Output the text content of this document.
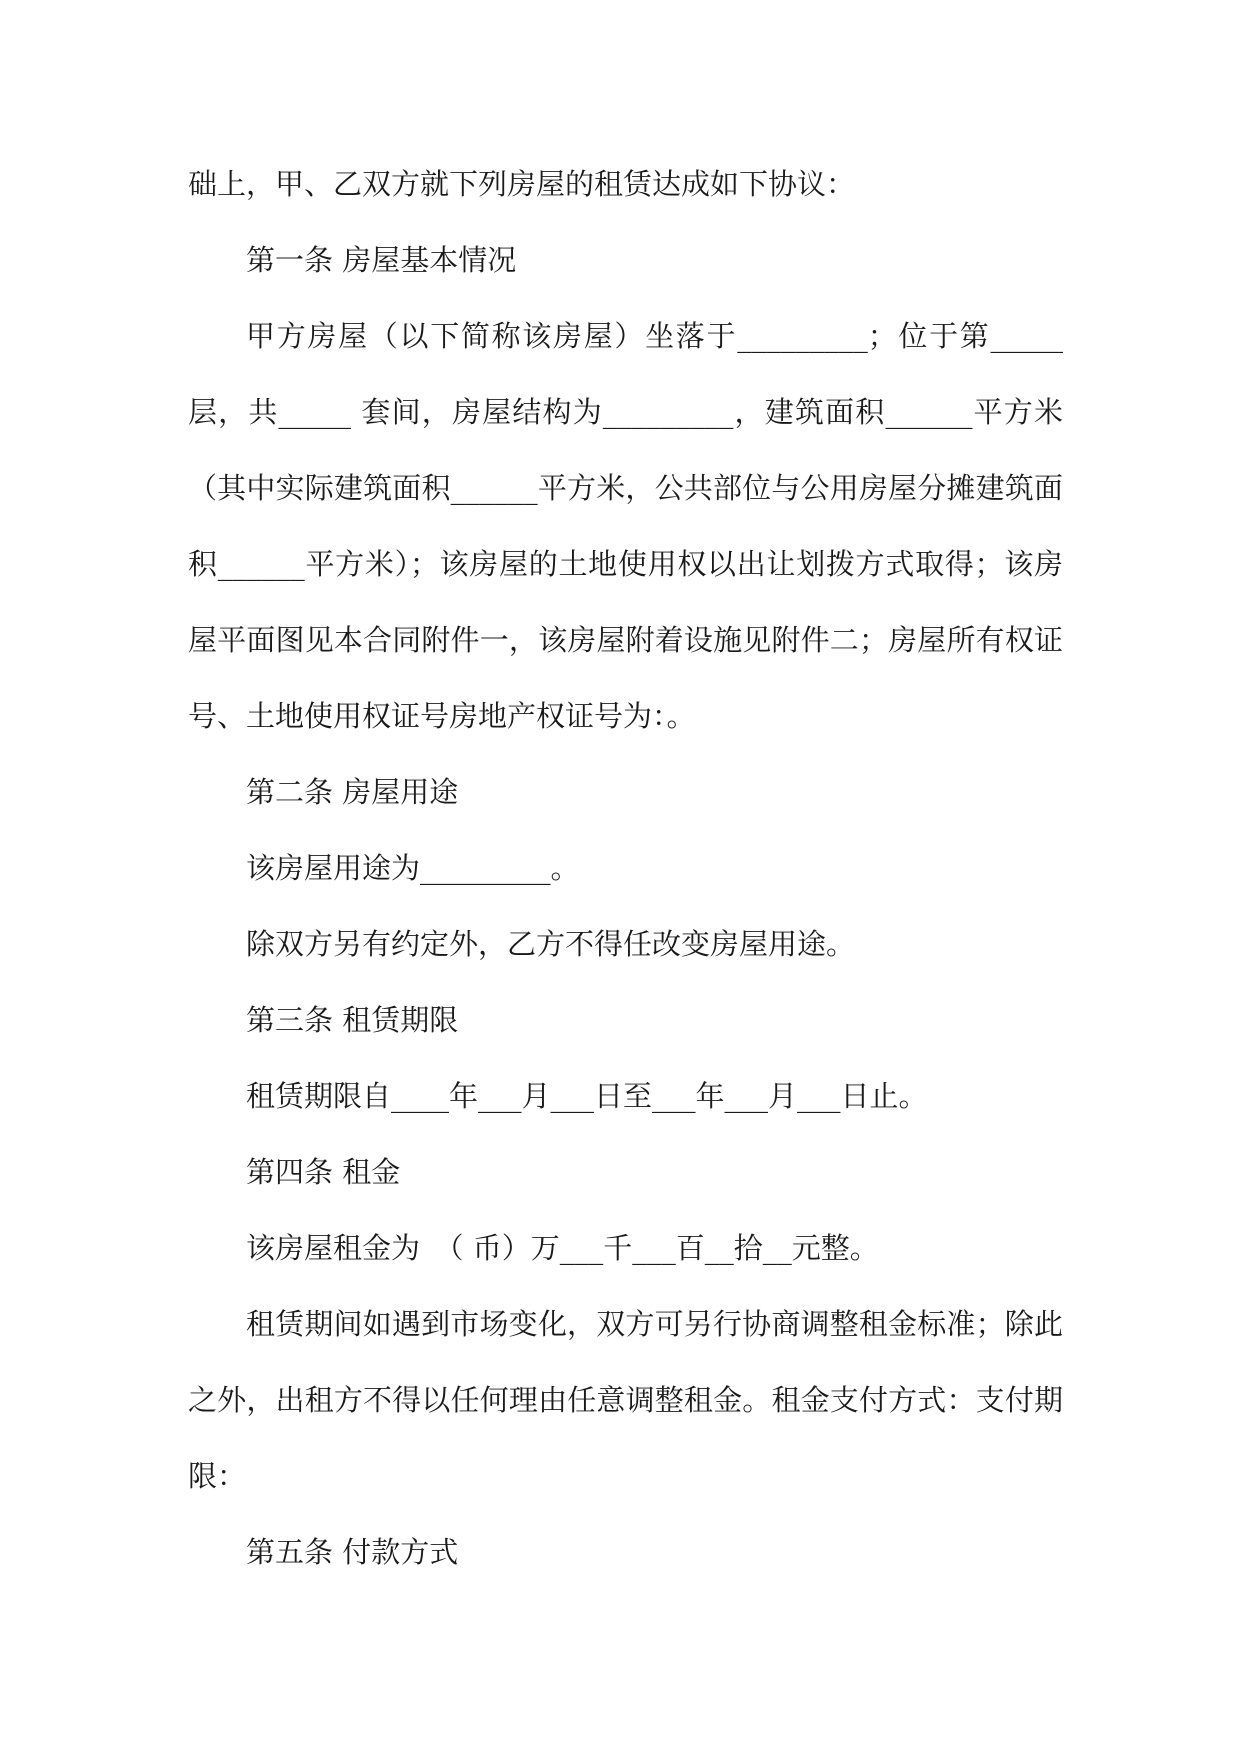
础上，甲、乙双方就下列房屋的租赁达成如下协议：

第一条 房屋基本情况

甲方房屋（以下简称该房屋）坐落于_________；位于第_____层，共_____ 套间，房屋结构为_________，建筑面积______平方米（其中实际建筑面积______平方米，公共部位与公用房屋分摊建筑面积______平方米）；该房屋的土地使用权以出让划拨方式取得；该房屋平面图见本合同附件一，该房屋附着设施见附件二；房屋所有权证号、土地使用权证号房地产权证号为：。

第二条 房屋用途

该房屋用途为_________。

除双方另有约定外，乙方不得任改变房屋用途。

第三条 租赁期限

租赁期限自____年___月___日至___年___月___日止。

第四条 租金

该房屋租金为　（ 币）万___千___百__拾__元整。

租赁期间如遇到市场变化，双方可另行协商调整租金标准；除此之外，出租方不得以任何理由任意调整租金。租金支付方式：支付期限：

第五条 付款方式
